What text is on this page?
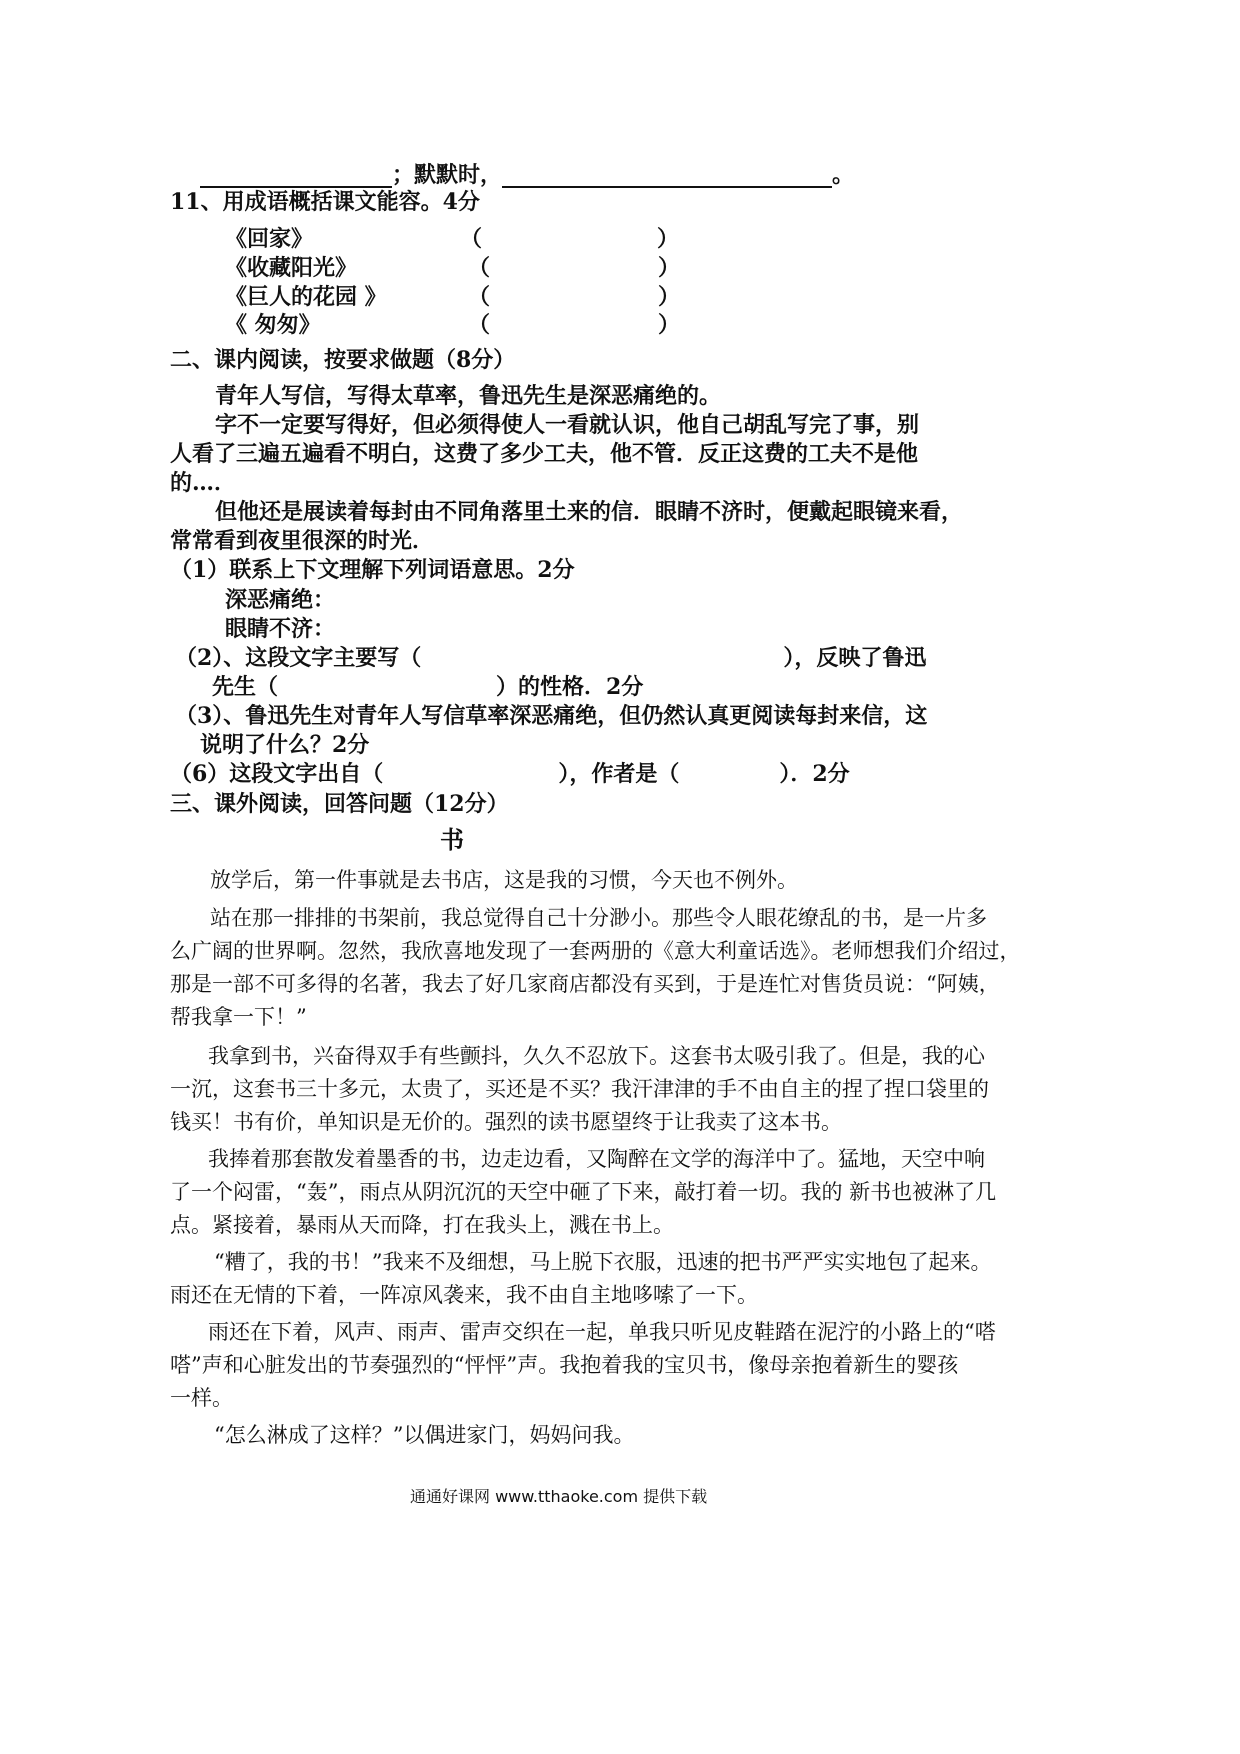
；默默时，	。
11、用成语概括课文能容。4分
《回家》	（	）
《收藏阳光》	（	）
《巨人的花园 》	（	）
《 匆匆》	（	）
二、课内阅读，按要求做题（8分）
青年人写信，写得太草率，鲁迅先生是深恶痛绝的。
字不一定要写得好，但必须得使人一看就认识，他自己胡乱写完了事，别
人看了三遍五遍看不明白，这费了多少工夫，他不管．反正这费的工夫不是他
的…．
但他还是展读着每封由不同角落里土来的信．眼睛不济时，便戴起眼镜来看，
常常看到夜里很深的时光．
（1）联系上下文理解下列词语意思。2分
深恶痛绝：
眼睛不济：
（2）、这段文字主要写（	），反映了鲁迅
先生（	）的性格．2分
（3）、鲁迅先生对青年人写信草率深恶痛绝，但仍然认真更阅读每封来信，这
说明了什么？2分
（6）这段文字出自（	），作者是（	）．2分
三、课外阅读，回答问题（12分）
书
放学后，第一件事就是去书店，这是我的习惯，今天也不例外。
站在那一排排的书架前，我总觉得自己十分渺小。那些令人眼花缭乱的书，是一片多
么广阔的世界啊。忽然，我欣喜地发现了一套两册的《意大利童话选》。老师想我们介绍过，
那是一部不可多得的名著，我去了好几家商店都没有买到，于是连忙对售货员说：“阿姨，
帮我拿一下！”
我拿到书，兴奋得双手有些颤抖，久久不忍放下。这套书太吸引我了。但是，我的心
一沉，这套书三十多元，太贵了，买还是不买？我汗津津的手不由自主的捏了捏口袋里的
钱买！书有价，单知识是无价的。强烈的读书愿望终于让我卖了这本书。
我捧着那套散发着墨香的书，边走边看，又陶醉在文学的海洋中了。猛地，天空中响
了一个闷雷，“轰”，雨点从阴沉沉的天空中砸了下来，敲打着一切。我的 新书也被淋了几
点。紧接着，暴雨从天而降，打在我头上，溅在书上。
“糟了，我的书！”我来不及细想，马上脱下衣服，迅速的把书严严实实地包了起来。
雨还在无情的下着，一阵凉风袭来，我不由自主地哆嗦了一下。
雨还在下着，风声、雨声、雷声交织在一起，单我只听见皮鞋踏在泥泞的小路上的“嗒
嗒”声和心脏发出的节奏强烈的“怦怦”声。我抱着我的宝贝书，像母亲抱着新生的婴孩
一样。
“怎么淋成了这样？”以偶进家门，妈妈问我。
通通好课网 www.tthaoke.com 提供下载
